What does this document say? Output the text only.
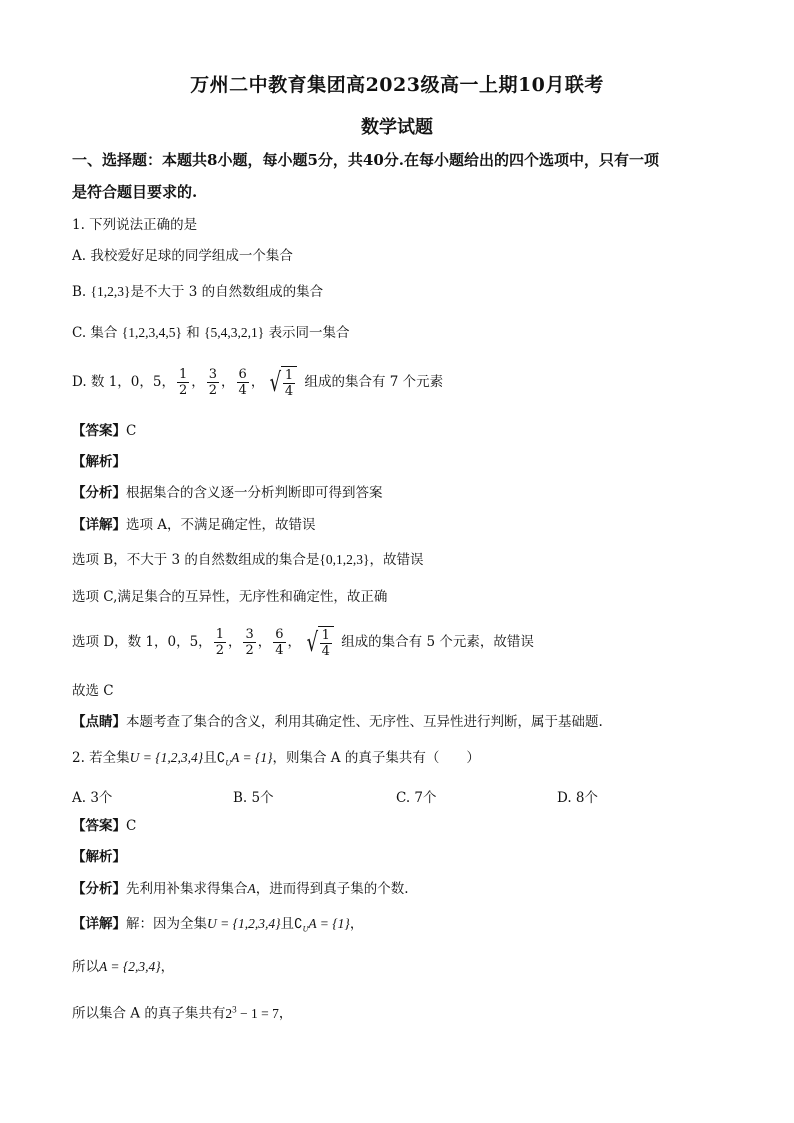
万州二中教育集团高2023级高一上期10月联考
数学试题
一、选择题：本题共8小题，每小题5分，共40分.在每小题给出的四个选项中，只有一项
是符合题目要求的.
1. 下列说法正确的是
A. 我校爱好足球的同学组成一个集合
B. {1,2,3}是不大于 3 的自然数组成的集合
C. 集合 {1,2,3,4,5} 和 {5,4,3,2,1} 表示同一集合
D. 数 1，0，5， $\frac{1}{2}$ ， $\frac{3}{2}$ ， $\frac{6}{4}$ ， √ $\frac{1}{4}$ 组成的集合有 7 个元素
【答案】C
【解析】
【分析】根据集合的含义逐一分析判断即可得到答案
【详解】选项 A，不满足确定性，故错误
选项 B，不大于 3 的自然数组成的集合是{0,1,2,3}，故错误
选项 C,满足集合的互异性，无序性和确定性，故正确
选项 D，数 1，0，5， $\frac{1}{2}$ ， $\frac{3}{2}$ ， $\frac{6}{4}$ ， √ $\frac{1}{4}$ 组成的集合有 5 个元素，故错误
故选 C
【点睛】本题考查了集合的含义，利用其确定性、无序性、互异性进行判断，属于基础题.
2. 若全集U = {1,2,3,4}且$∁_UA = \{1\}$，则集合 A 的真子集共有（　　）
A. 3个	B. 5个	C. 7个	D. 8个
【答案】C
【解析】
【分析】先利用补集求得集合A，进而得到真子集的个数.
【详解】解：因为全集U = {1,2,3,4}且$∁_UA = \{1\}$，
所以A = {2,3,4}，
所以集合 A 的真子集共有$2^3 - 1 = 7$，
